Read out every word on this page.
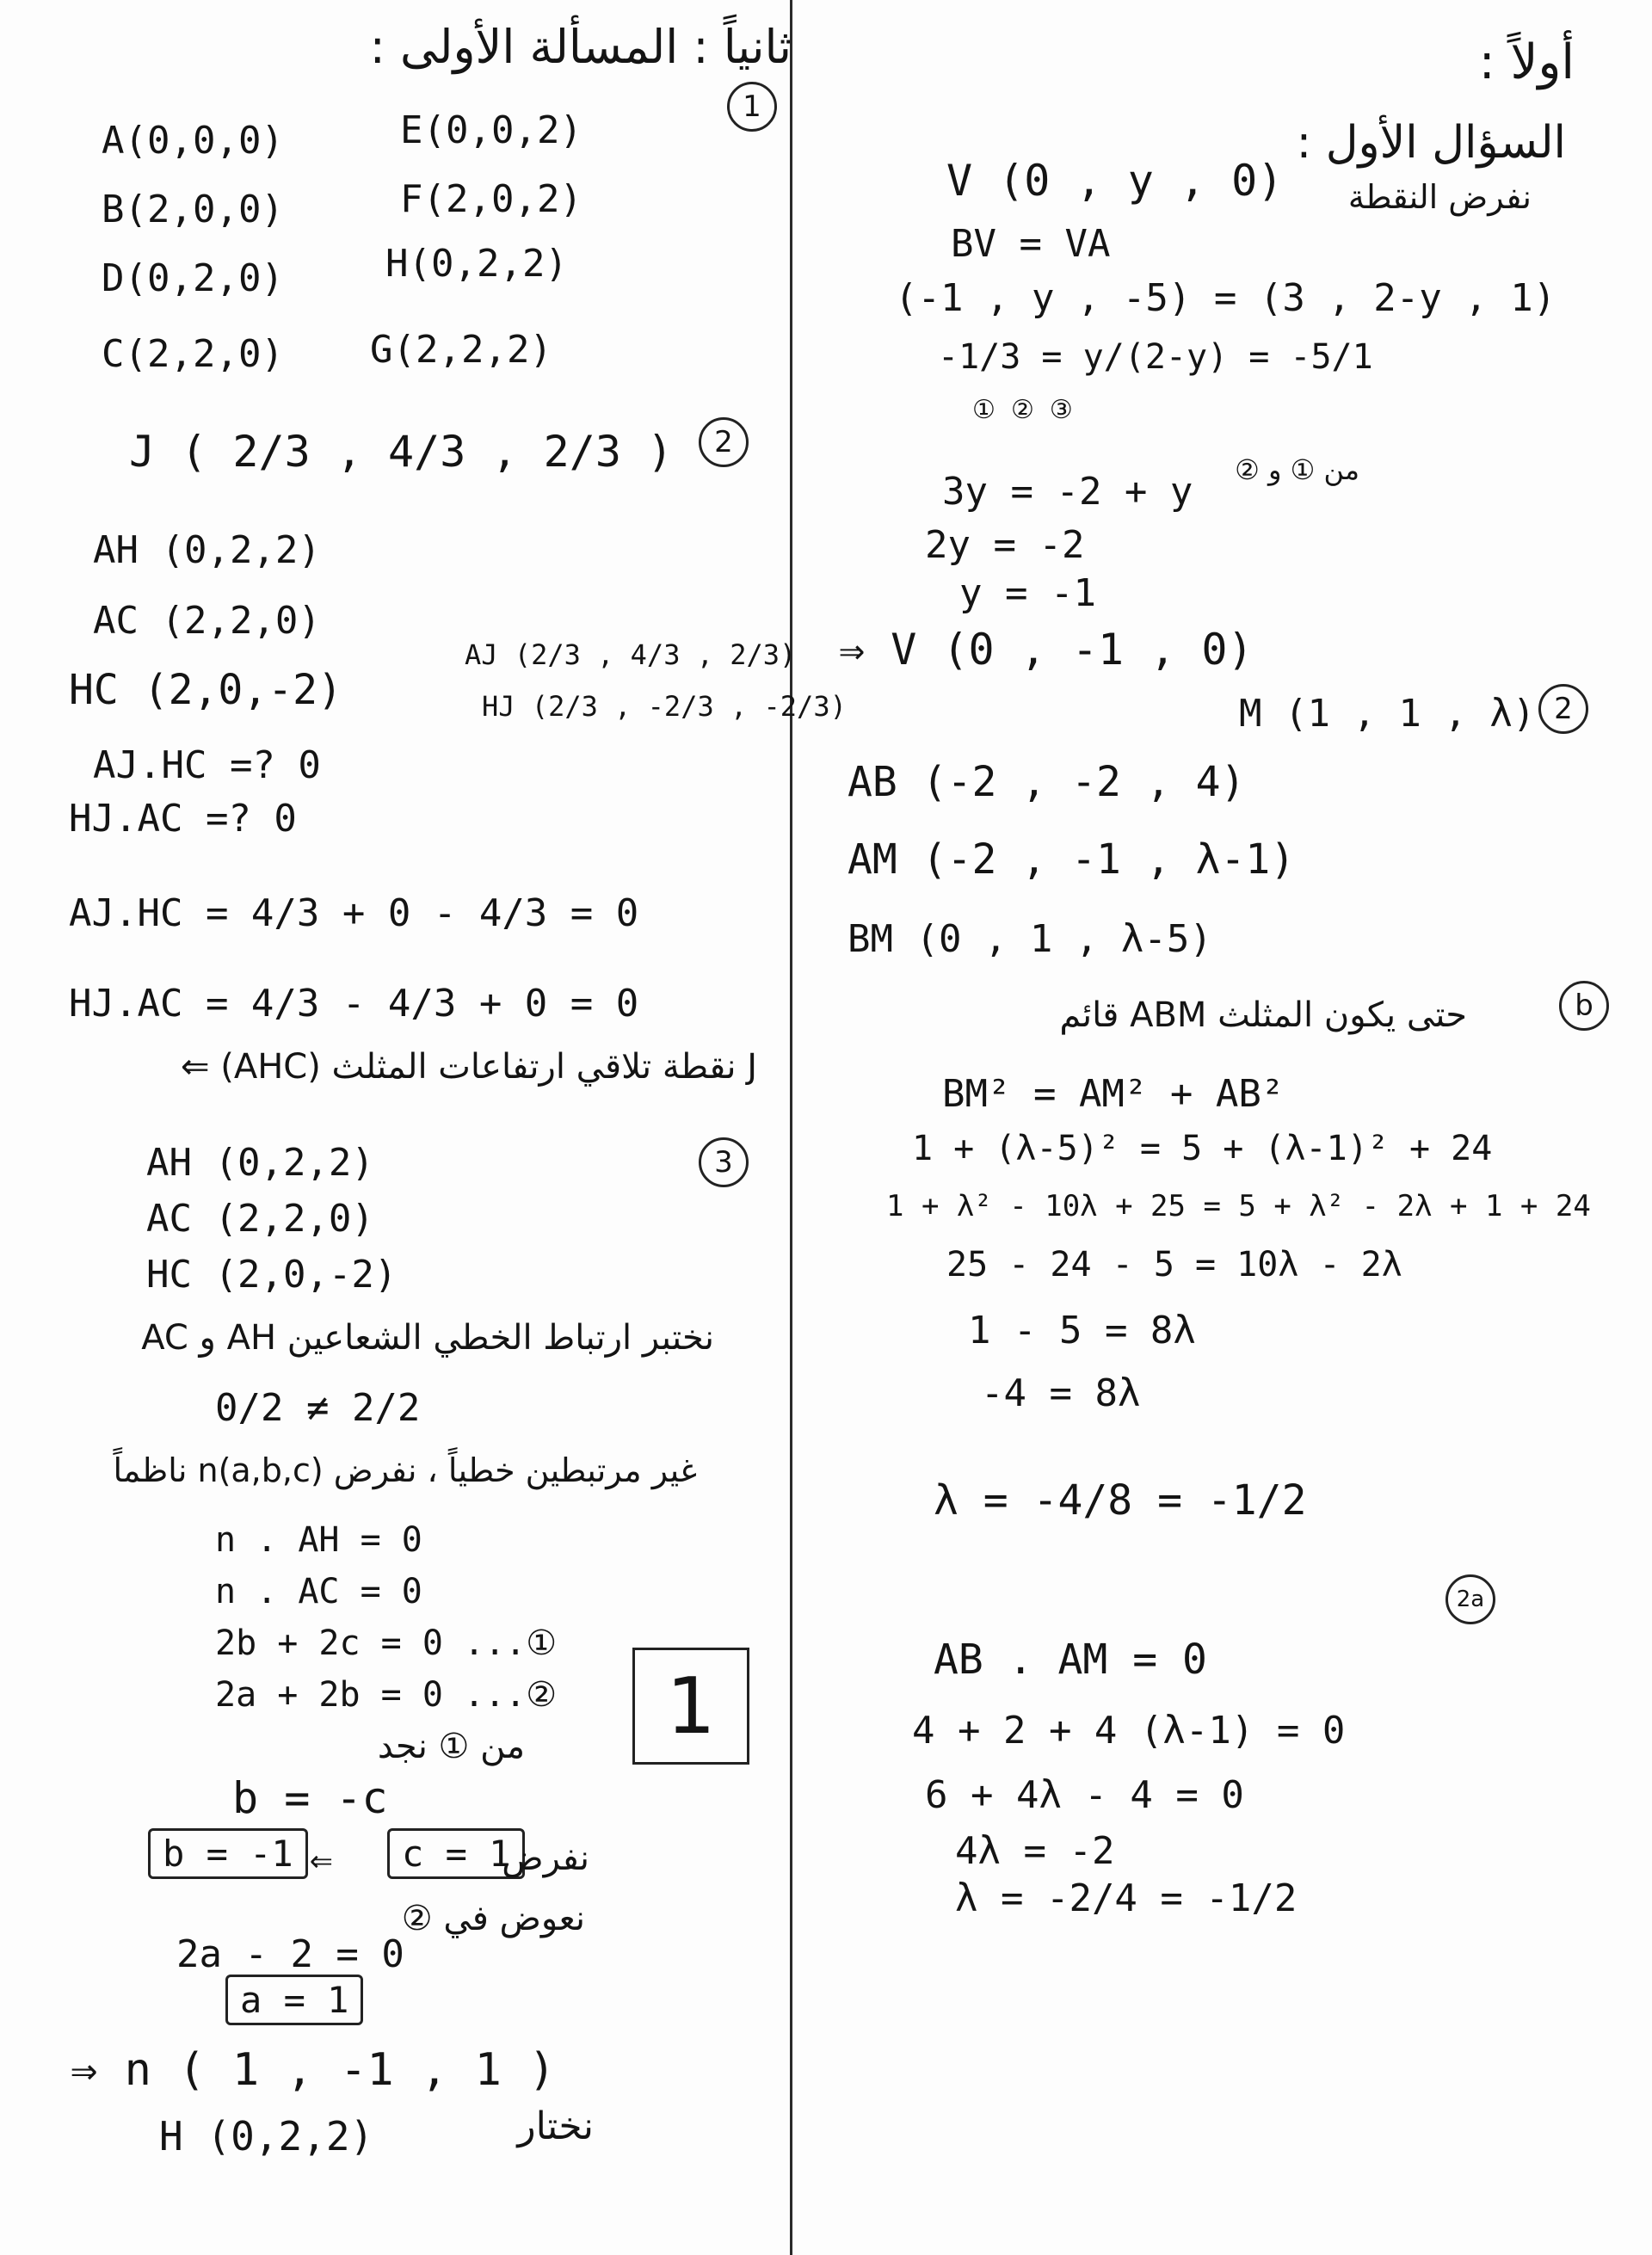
ثانياً : المسألة الأولى :
1
A(0,0,0)
B(2,0,0)
D(0,2,0)
C(2,2,0)
E(0,0,2)
F(2,0,2)
H(0,2,2)
G(2,2,2)
J ( 2/3 , 4/3 , 2/3 )	2
AH (0,2,2)
AC (2,2,0)
HC (2,0,-2)
AJ (2/3 , 4/3 , 2/3)
HJ (2/3 , -2/3 , -2/3)
AJ.HC =? 0
HJ.AC =? 0
AJ.HC = 4/3 + 0 - 4/3 = 0
HJ.AC = 4/3 - 4/3 + 0 = 0
J نقطة تلاقي ارتفاعات المثلث (AHC) ⇐
3
AH (0,2,2)
AC (2,2,0)
HC (2,0,-2)
نختبر ارتباط الخطي الشعاعين AH و AC
0/2 ≠ 2/2
غير مرتبطين خطياً ، نفرض n(a,b,c) ناظماً
n . AH = 0
n . AC = 0
2b + 2c = 0 ...①
2a + 2b = 0 ...②	1
من ① نجد
b = -c
b = -1 ⇐	c = 1
نفرض
نعوض في ②
2a - 2 = 0
a = 1
⇒ n ( 1 , -1 , 1 )
H (0,2,2)	نختار
أولاً :
السؤال الأول :
نفرض النقطة
V (0 , y , 0)
BV = VA
(-1 , y , -5) = (3 , 2-y , 1)
-1/3 = y/(2-y) = -5/1
① ② ③
من ① و ②
3y = -2 + y
2y = -2
y = -1
⇒ V (0 , -1 , 0)
M (1 , 1 , λ) 2
AB (-2 , -2 , 4)
AM (-2 , -1 , λ-1)
BM (0 , 1 , λ-5)
حتى يكون المثلث ABM قائم	b
BM² = AM² + AB²
1 + (λ-5)² = 5 + (λ-1)² + 24
1 + λ² - 10λ + 25 = 5 + λ² - 2λ + 1 + 24
25 - 24 - 5 = 10λ - 2λ
1 - 5 = 8λ
-4 = 8λ
λ = -4/8 = -1/2
2a
AB . AM = 0
4 + 2 + 4 (λ-1) = 0
6 + 4λ - 4 = 0
4λ = -2
λ = -2/4 = -1/2
